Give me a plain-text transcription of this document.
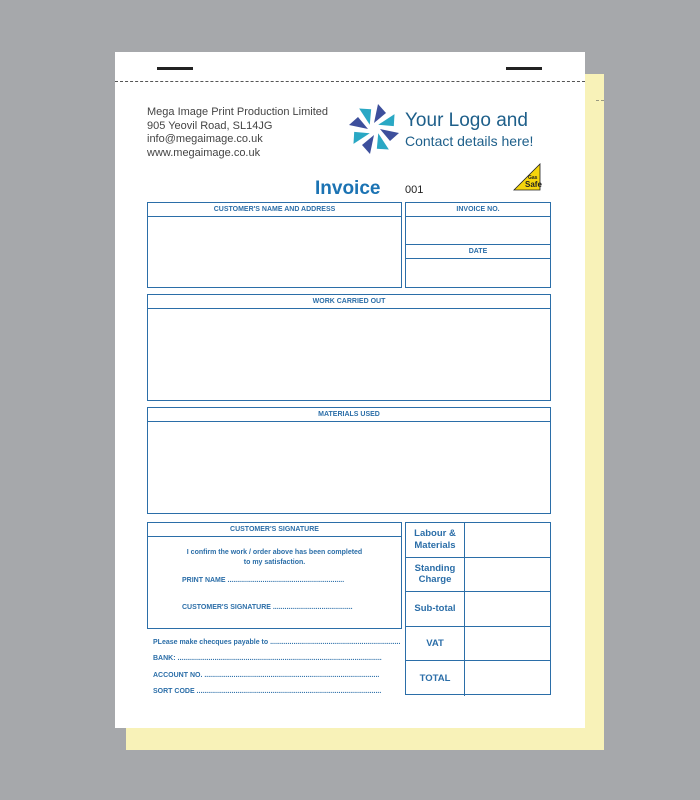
Mega Image Print Production Limited
905 Yeovil Road, SL14JG
info@megaimage.co.uk
www.megaimage.co.uk
Your Logo and
Contact details here!
Gas
Safe
Invoice 001
CUSTOMER'S NAME AND ADDRESS	INVOICE NO.
DATE
WORK CARRIED OUT
MATERIALS USED
CUSTOMER'S SIGNATURE
I confirm the work / order above has been completed
to my satisfaction.
PRINT NAME ............................................................
CUSTOMER'S SIGNATURE .........................................
PLease make checques payable to ...................................................................
BANK: .........................................................................................................
ACCOUNT NO. ..........................................................................................
SORT CODE ...............................................................................................
Labour &
Materials
Standing
Charge
Sub-total
VAT
TOTAL
